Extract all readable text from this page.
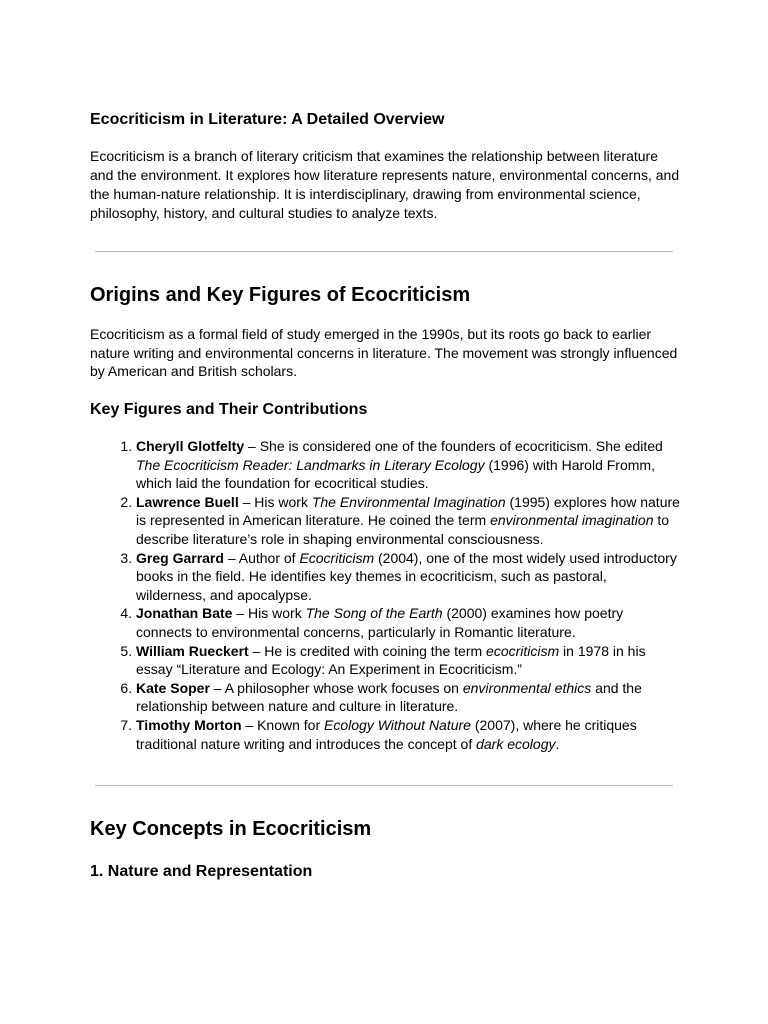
Ecocriticism in Literature: A Detailed Overview

Ecocriticism is a branch of literary criticism that examines the relationship between literature and the environment. It explores how literature represents nature, environmental concerns, and the human-nature relationship. It is interdisciplinary, drawing from environmental science, philosophy, history, and cultural studies to analyze texts.

Origins and Key Figures of Ecocriticism

Ecocriticism as a formal field of study emerged in the 1990s, but its roots go back to earlier nature writing and environmental concerns in literature. The movement was strongly influenced by American and British scholars.

Key Figures and Their Contributions
1. Cheryll Glotfelty – She is considered one of the founders of ecocriticism. She edited The Ecocriticism Reader: Landmarks in Literary Ecology (1996) with Harold Fromm, which laid the foundation for ecocritical studies.
2. Lawrence Buell – His work The Environmental Imagination (1995) explores how nature is represented in American literature. He coined the term environmental imagination to describe literature’s role in shaping environmental consciousness.
3. Greg Garrard – Author of Ecocriticism (2004), one of the most widely used introductory books in the field. He identifies key themes in ecocriticism, such as pastoral, wilderness, and apocalypse.
4. Jonathan Bate – His work The Song of the Earth (2000) examines how poetry connects to environmental concerns, particularly in Romantic literature.
5. William Rueckert – He is credited with coining the term ecocriticism in 1978 in his essay “Literature and Ecology: An Experiment in Ecocriticism.”
6. Kate Soper – A philosopher whose work focuses on environmental ethics and the relationship between nature and culture in literature.
7. Timothy Morton – Known for Ecology Without Nature (2007), where he critiques traditional nature writing and introduces the concept of dark ecology.
Key Concepts in Ecocriticism
1. Nature and Representation
